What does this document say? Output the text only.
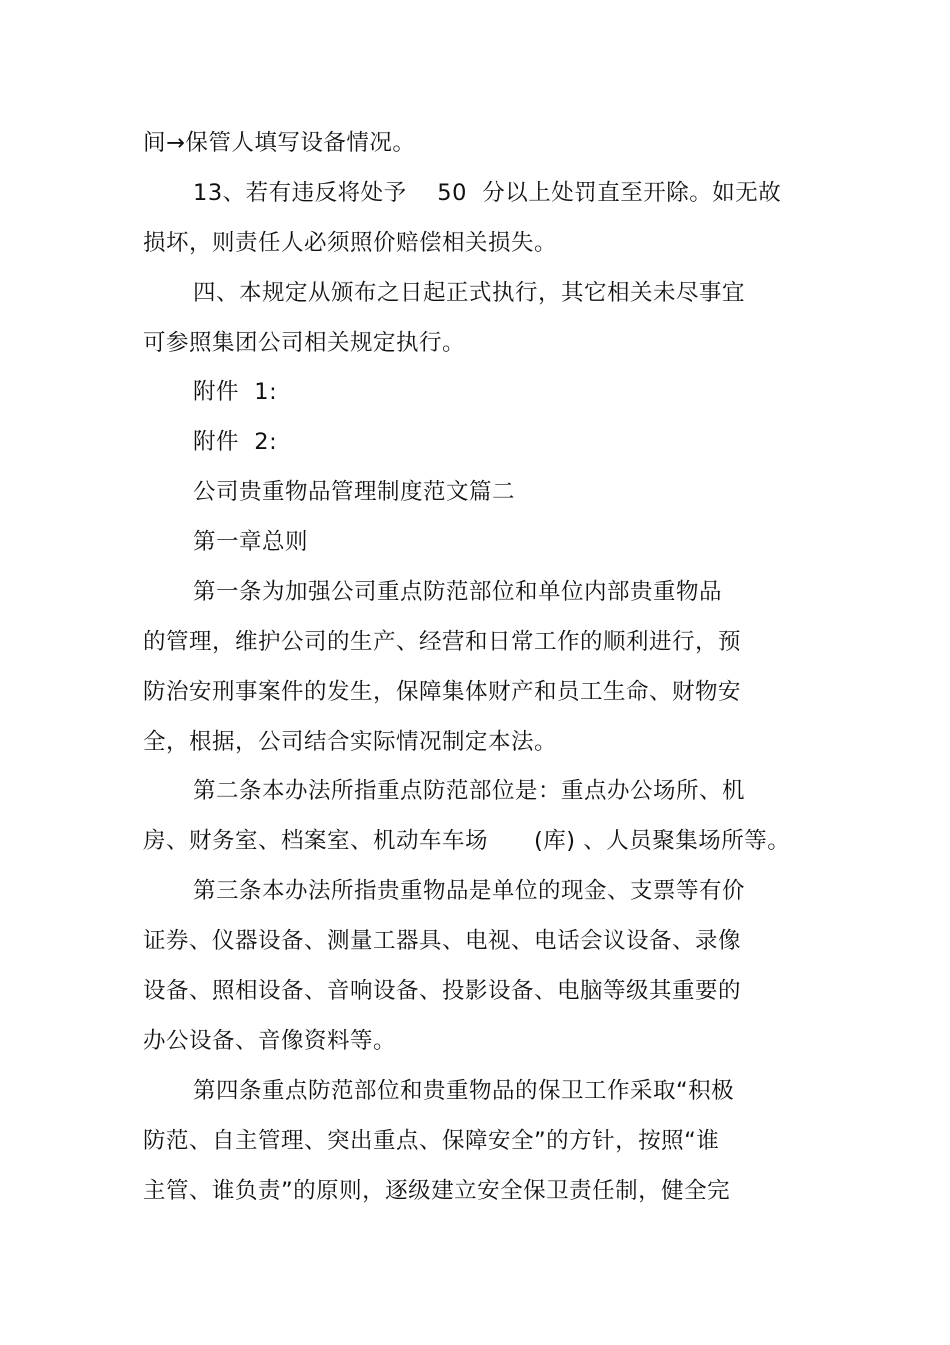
间→保管人填写设备情况。
13、若有违反将处予　 50  分以上处罚直至开除。如无故
损坏，则责任人必须照价赔偿相关损失。
四、本规定从颁布之日起正式执行，其它相关未尽事宜
可参照集团公司相关规定执行。
附件  1:
附件  2:
公司贵重物品管理制度范文篇二
第一章总则
第一条为加强公司重点防范部位和单位内部贵重物品
的管理，维护公司的生产、经营和日常工作的顺利进行，预
防治安刑事案件的发生，保障集体财产和员工生命、财物安
全，根据，公司结合实际情况制定本法。
第二条本办法所指重点防范部位是：重点办公场所、机
房、财务室、档案室、机动车车场　　(库) 、人员聚集场所等。
第三条本办法所指贵重物品是单位的现金、支票等有价
证券、仪器设备、测量工器具、电视、电话会议设备、录像
设备、照相设备、音响设备、投影设备、电脑等级其重要的
办公设备、音像资料等。
第四条重点防范部位和贵重物品的保卫工作采取“积极
防范、自主管理、突出重点、保障安全”的方针，按照“谁
主管、谁负责”的原则，逐级建立安全保卫责任制，健全完
